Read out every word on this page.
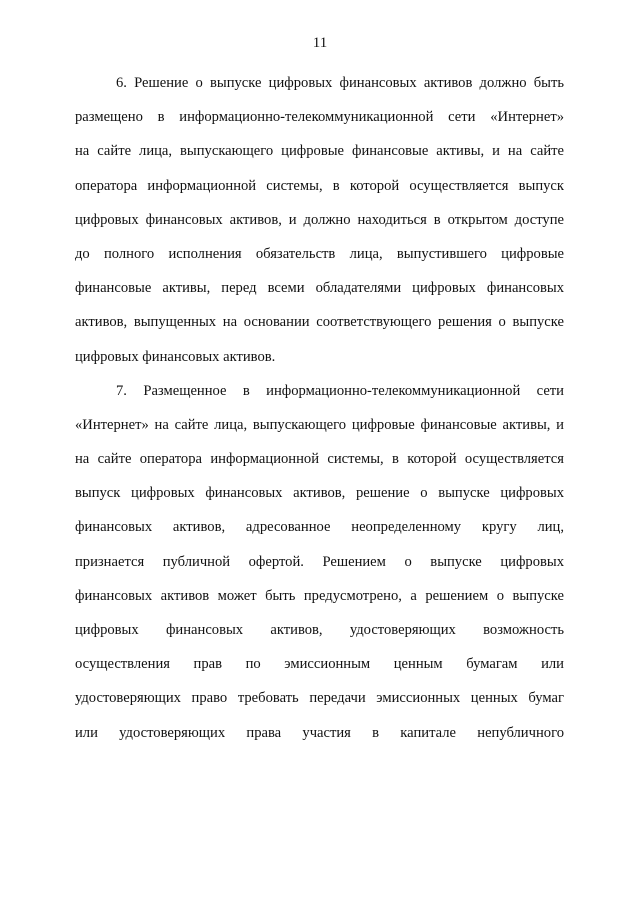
11
6. Решение о выпуске цифровых финансовых активов должно быть
размещено в информационно-телекоммуникационной сети «Интернет»
на сайте лица, выпускающего цифровые финансовые активы, и на сайте
оператора информационной системы, в которой осуществляется выпуск
цифровых финансовых активов, и должно находиться в открытом доступе
до полного исполнения обязательств лица, выпустившего цифровые
финансовые активы, перед всеми обладателями цифровых финансовых
активов, выпущенных на основании соответствующего решения о выпуске
цифровых финансовых активов.
7. Размещенное в информационно-телекоммуникационной сети
«Интернет» на сайте лица, выпускающего цифровые финансовые активы, и
на сайте оператора информационной системы, в которой осуществляется
выпуск цифровых финансовых активов, решение о выпуске цифровых
финансовых активов, адресованное неопределенному кругу лиц,
признается публичной офертой. Решением о выпуске цифровых
финансовых активов может быть предусмотрено, а решением о выпуске
цифровых финансовых активов, удостоверяющих возможность
осуществления прав по эмиссионным ценным бумагам или
удостоверяющих право требовать передачи эмиссионных ценных бумаг
или удостоверяющих права участия в капитале непубличного
